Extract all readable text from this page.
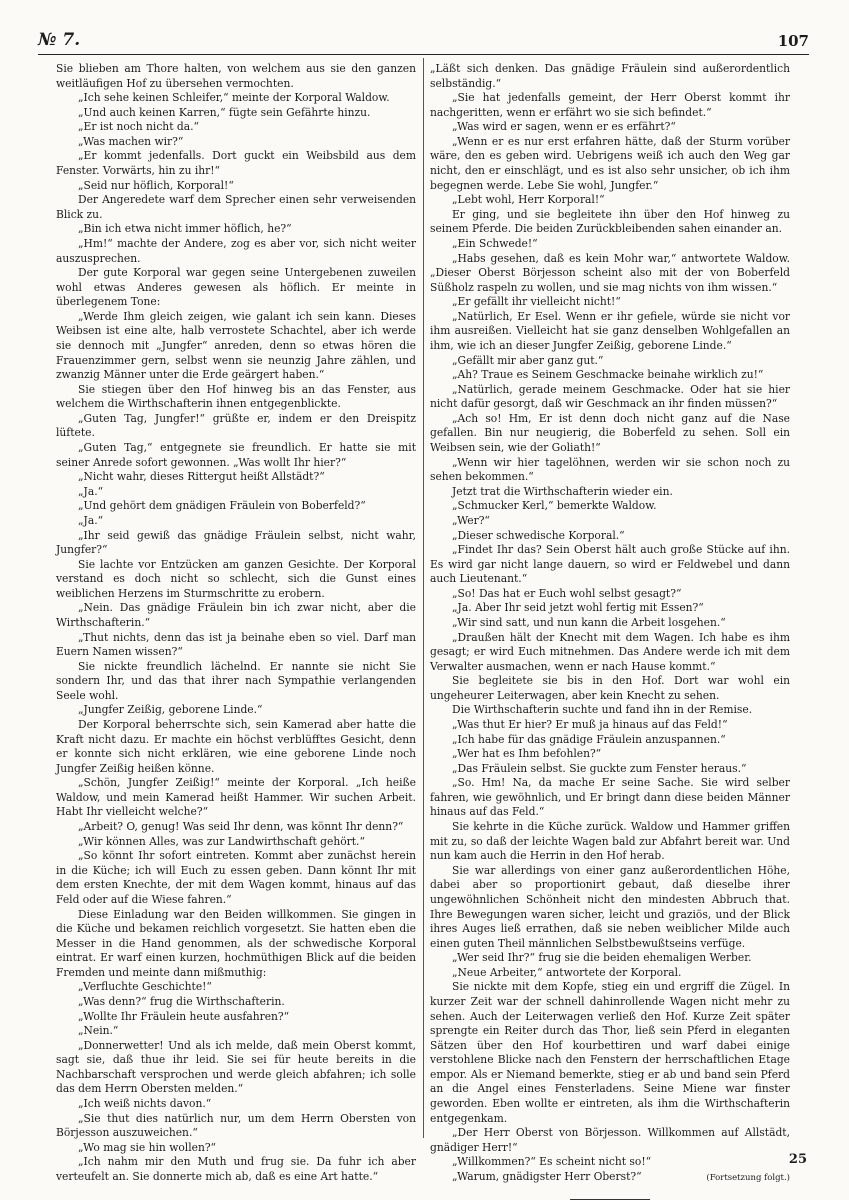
№ 7.	107

Sie blieben am Thore halten, von welchem aus sie den ganzen weitläufigen Hof zu übersehen vermochten.

„Ich sehe keinen Schleifer,“ meinte der Korporal Waldow.

„Und auch keinen Karren,“ fügte sein Gefährte hinzu.

„Er ist noch nicht da.“

„Was machen wir?“

„Er kommt jedenfalls. Dort guckt ein Weibsbild aus dem Fenster. Vorwärts, hin zu ihr!“

„Seid nur höflich, Korporal!“

Der Angeredete warf dem Sprecher einen sehr verweisenden Blick zu.

„Bin ich etwa nicht immer höflich, he?“

„Hm!“ machte der Andere, zog es aber vor, sich nicht weiter auszusprechen.

Der gute Korporal war gegen seine Untergebenen zuweilen wohl etwas Anderes gewesen als höflich. Er meinte in überlegenem Tone:

„Werde Ihm gleich zeigen, wie galant ich sein kann. Dieses Weibsen ist eine alte, halb verrostete Schachtel, aber ich werde sie dennoch mit „Jungfer“ anreden, denn so etwas hören die Frauenzimmer gern, selbst wenn sie neunzig Jahre zählen, und zwanzig Männer unter die Erde geärgert haben.“

Sie stiegen über den Hof hinweg bis an das Fenster, aus welchem die Wirthschafterin ihnen entgegenblickte.

„Guten Tag, Jungfer!“ grüßte er, indem er den Dreispitz lüftete.

„Guten Tag,“ entgegnete sie freundlich. Er hatte sie mit seiner Anrede sofort gewonnen. „Was wollt Ihr hier?“

„Nicht wahr, dieses Rittergut heißt Allstädt?“

„Ja.“

„Und gehört dem gnädigen Fräulein von Boberfeld?“

„Ja.“

„Ihr seid gewiß das gnädige Fräulein selbst, nicht wahr, Jungfer?“

Sie lachte vor Entzücken am ganzen Gesichte. Der Korporal verstand es doch nicht so schlecht, sich die Gunst eines weiblichen Herzens im Sturmschritte zu erobern.

„Nein. Das gnädige Fräulein bin ich zwar nicht, aber die Wirthschafterin.“

„Thut nichts, denn das ist ja beinahe eben so viel. Darf man Euern Namen wissen?“

Sie nickte freundlich lächelnd. Er nannte sie nicht Sie sondern Ihr, und das that ihrer nach Sympathie verlangenden Seele wohl.

„Jungfer Zeißig, geborene Linde.“

Der Korporal beherrschte sich, sein Kamerad aber hatte die Kraft nicht dazu. Er machte ein höchst verblüfftes Gesicht, denn er konnte sich nicht erklären, wie eine geborene Linde noch Jungfer Zeißig heißen könne.

„Schön, Jungfer Zeißig!“ meinte der Korporal. „Ich heiße Waldow, und mein Kamerad heißt Hammer. Wir suchen Arbeit. Habt Ihr vielleicht welche?“

„Arbeit? O, genug! Was seid Ihr denn, was könnt Ihr denn?“

„Wir können Alles, was zur Landwirthschaft gehört.“

„So könnt Ihr sofort eintreten. Kommt aber zunächst herein in die Küche; ich will Euch zu essen geben. Dann könnt Ihr mit dem ersten Knechte, der mit dem Wagen kommt, hinaus auf das Feld oder auf die Wiese fahren.“

Diese Einladung war den Beiden willkommen. Sie gingen in die Küche und bekamen reichlich vorgesetzt. Sie hatten eben die Messer in die Hand genommen, als der schwedische Korporal eintrat. Er warf einen kurzen, hochmüthigen Blick auf die beiden Fremden und meinte dann mißmuthig:

„Verfluchte Geschichte!“

„Was denn?“ frug die Wirthschafterin.

„Wollte Ihr Fräulein heute ausfahren?“

„Nein.“

„Donnerwetter! Und als ich melde, daß mein Oberst kommt, sagt sie, daß thue ihr leid. Sie sei für heute bereits in die Nachbarschaft versprochen und werde gleich abfahren; ich solle das dem Herrn Obersten melden.“

„Ich weiß nichts davon.“

„Sie thut dies natürlich nur, um dem Herrn Obersten von Börjesson auszuweichen.“

„Wo mag sie hin wollen?“

„Ich nahm mir den Muth und frug sie. Da fuhr ich aber verteufelt an. Sie donnerte mich ab, daß es eine Art hatte.“

„Läßt sich denken. Das gnädige Fräulein sind außerordentlich selbständig.“

„Sie hat jedenfalls gemeint, der Herr Oberst kommt ihr nachgeritten, wenn er erfährt wo sie sich befindet.“

„Was wird er sagen, wenn er es erfährt?“

„Wenn er es nur erst erfahren hätte, daß der Sturm vorüber wäre, den es geben wird. Uebrigens weiß ich auch den Weg gar nicht, den er einschlägt, und es ist also sehr unsicher, ob ich ihm begegnen werde. Lebe Sie wohl, Jungfer.“

„Lebt wohl, Herr Korporal!“

Er ging, und sie begleitete ihn über den Hof hinweg zu seinem Pferde. Die beiden Zurückbleibenden sahen einander an.

„Ein Schwede!“

„Habs gesehen, daß es kein Mohr war,“ antwortete Waldow. „Dieser Oberst Börjesson scheint also mit der von Boberfeld Süßholz raspeln zu wollen, und sie mag nichts von ihm wissen.“

„Er gefällt ihr vielleicht nicht!“

„Natürlich, Er Esel. Wenn er ihr gefiele, würde sie nicht vor ihm ausreißen. Vielleicht hat sie ganz denselben Wohlgefallen an ihm, wie ich an dieser Jungfer Zeißig, geborene Linde.“

„Gefällt mir aber ganz gut.“

„Ah? Traue es Seinem Geschmacke beinahe wirklich zu!“

„Natürlich, gerade meinem Geschmacke. Oder hat sie hier nicht dafür gesorgt, daß wir Geschmack an ihr finden müssen?“

„Ach so! Hm, Er ist denn doch nicht ganz auf die Nase gefallen. Bin nur neugierig, die Boberfeld zu sehen. Soll ein Weibsen sein, wie der Goliath!“

„Wenn wir hier tagelöhnen, werden wir sie schon noch zu sehen bekommen.“

Jetzt trat die Wirthschafterin wieder ein.

„Schmucker Kerl,“ bemerkte Waldow.

„Wer?“

„Dieser schwedische Korporal.“

„Findet Ihr das? Sein Oberst hält auch große Stücke auf ihn. Es wird gar nicht lange dauern, so wird er Feldwebel und dann auch Lieutenant.“

„So! Das hat er Euch wohl selbst gesagt?“

„Ja. Aber Ihr seid jetzt wohl fertig mit Essen?“

„Wir sind satt, und nun kann die Arbeit losgehen.“

„Draußen hält der Knecht mit dem Wagen. Ich habe es ihm gesagt; er wird Euch mitnehmen. Das Andere werde ich mit dem Verwalter ausmachen, wenn er nach Hause kommt.“

Sie begleitete sie bis in den Hof. Dort war wohl ein ungeheurer Leiterwagen, aber kein Knecht zu sehen.

Die Wirthschafterin suchte und fand ihn in der Remise.

„Was thut Er hier? Er muß ja hinaus auf das Feld!“

„Ich habe für das gnädige Fräulein anzuspannen.“

„Wer hat es Ihm befohlen?“

„Das Fräulein selbst. Sie guckte zum Fenster heraus.“

„So. Hm! Na, da mache Er seine Sache. Sie wird selber fahren, wie gewöhnlich, und Er bringt dann diese beiden Männer hinaus auf das Feld.“

Sie kehrte in die Küche zurück. Waldow und Hammer griffen mit zu, so daß der leichte Wagen bald zur Abfahrt bereit war. Und nun kam auch die Herrin in den Hof herab.

Sie war allerdings von einer ganz außerordentlichen Höhe, dabei aber so proportionirt gebaut, daß dieselbe ihrer ungewöhnlichen Schönheit nicht den mindesten Abbruch that. Ihre Bewegungen waren sicher, leicht und graziös, und der Blick ihres Auges ließ errathen, daß sie neben weiblicher Milde auch einen guten Theil männlichen Selbstbewußtseins verfüge.

„Wer seid Ihr?“ frug sie die beiden ehemaligen Werber.

„Neue Arbeiter,“ antwortete der Korporal.

Sie nickte mit dem Kopfe, stieg ein und ergriff die Zügel. In kurzer Zeit war der schnell dahinrollende Wagen nicht mehr zu sehen. Auch der Leiterwagen verließ den Hof. Kurze Zeit später sprengte ein Reiter durch das Thor, ließ sein Pferd in eleganten Sätzen über den Hof kourbettiren und warf dabei einige verstohlene Blicke nach den Fenstern der herrschaftlichen Etage empor. Als er Niemand bemerkte, stieg er ab und band sein Pferd an die Angel eines Fensterladens. Seine Miene war finster geworden. Eben wollte er eintreten, als ihm die Wirthschafterin entgegenkam.

„Der Herr Oberst von Börjesson. Willkommen auf Allstädt, gnädiger Herr!“

„Willkommen?“ Es scheint nicht so!“

„Warum, gnädigster Herr Oberst?“	(Fortsetzung folgt.)
25
